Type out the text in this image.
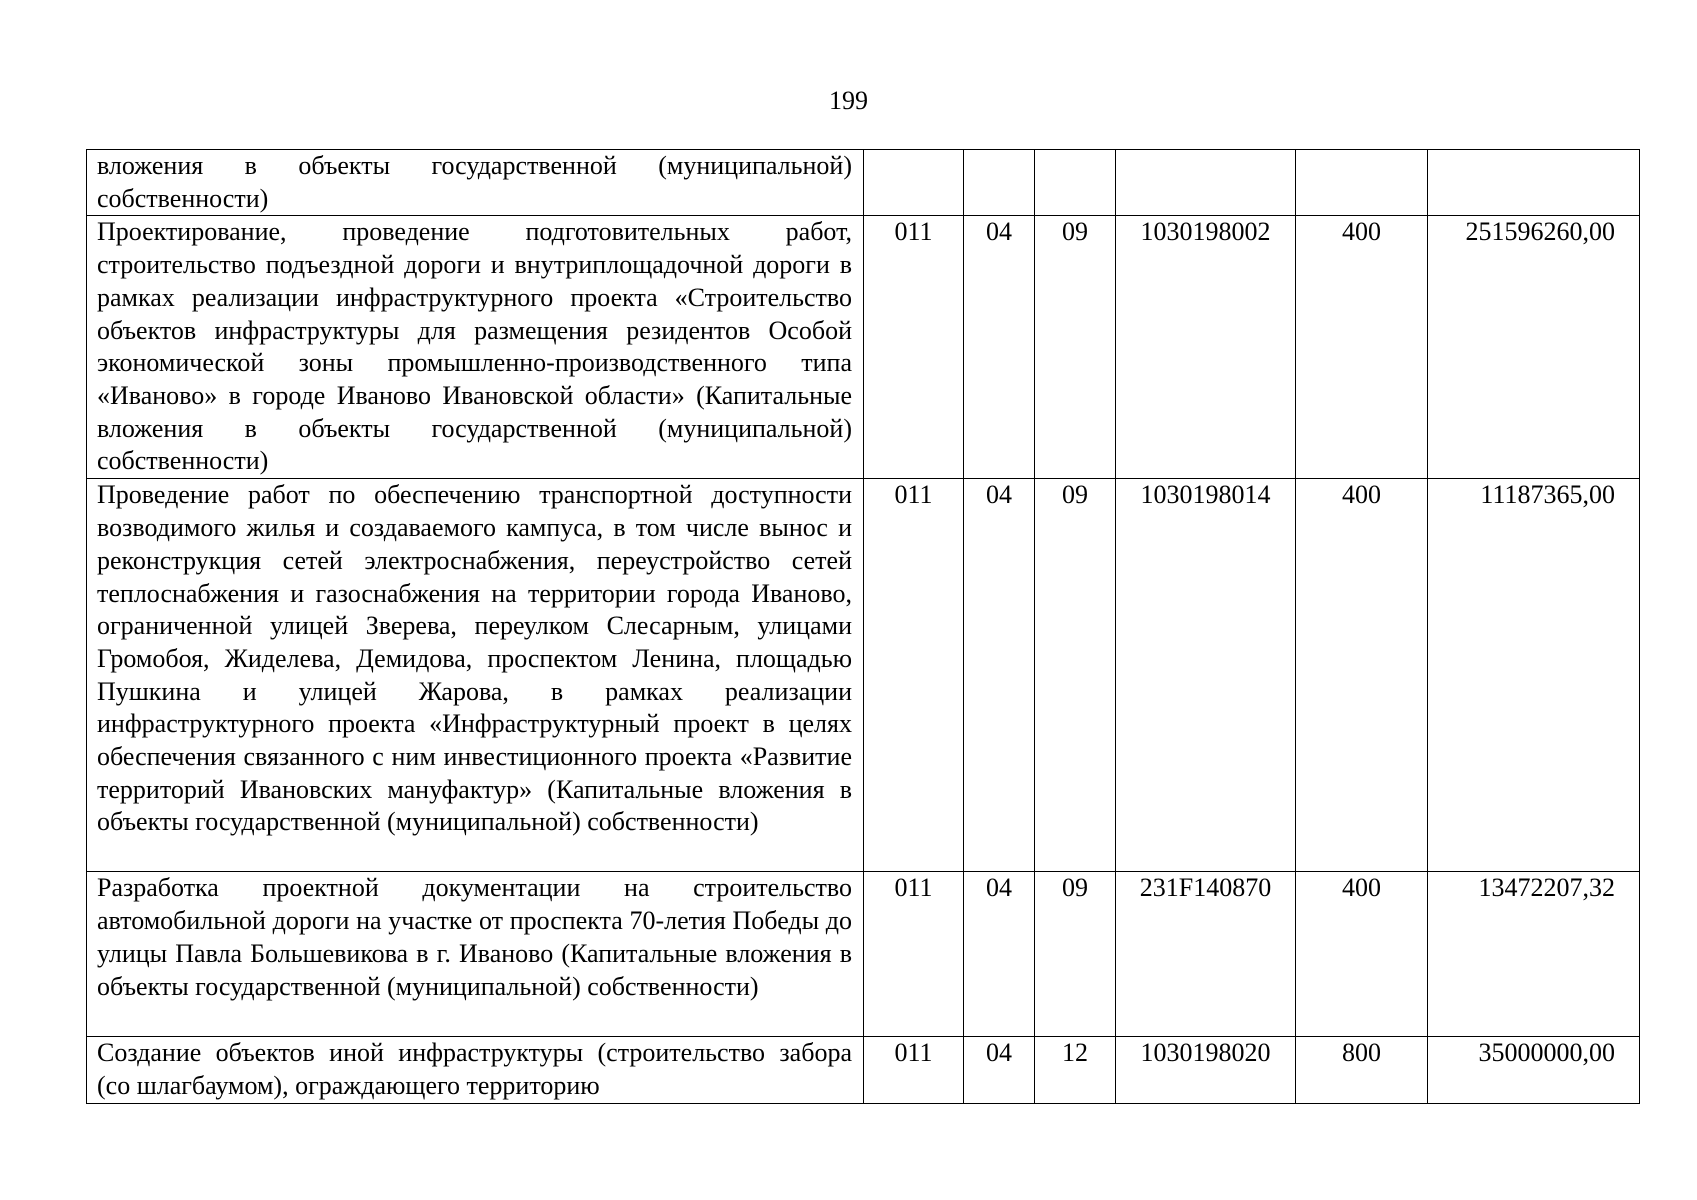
199
вложения в объекты государственной (муниципальной) собственности)						

Проектирование, проведение подготовительных работ, строительство подъездной дороги и внутриплощадочной дороги в рамках реализации инфраструктурного проекта «Строительство объектов инфраструктуры для размещения резидентов Особой экономической зоны промышленно-производственного типа «Иваново» в городе Иваново Ивановской области» (Капитальные вложения в объекты государственной (муниципальной) собственности)	011	04	09	1030198002	400	251596260,00

Проведение работ по обеспечению транспортной доступности возводимого жилья и создаваемого кампуса, в том числе вынос и реконструкция сетей электроснабжения, переустройство сетей теплоснабжения и газоснабжения на территории города Иваново, ограниченной улицей Зверева, переулком Слесарным, улицами Громобоя, Жиделева, Демидова, проспектом Ленина, площадью Пушкина и улицей Жарова, в рамках реализации инфраструктурного проекта «Инфраструктурный проект в целях обеспечения связанного с ним инвестиционного проекта «Развитие территорий Ивановских мануфактур» (Капитальные вложения в объекты государственной (муниципальной) собственности)	011	04	09	1030198014	400	11187365,00

Разработка проектной документации на строительство автомобильной дороги на участке от проспекта 70-летия Победы до улицы Павла Большевикова в г. Иваново (Капитальные вложения в объекты государственной (муниципальной) собственности)	011	04	09	231F140870	400	13472207,32

Создание объектов иной инфраструктуры (строительство забора (со шлагбаумом), ограждающего территорию	011	04	12	1030198020	800	35000000,00
